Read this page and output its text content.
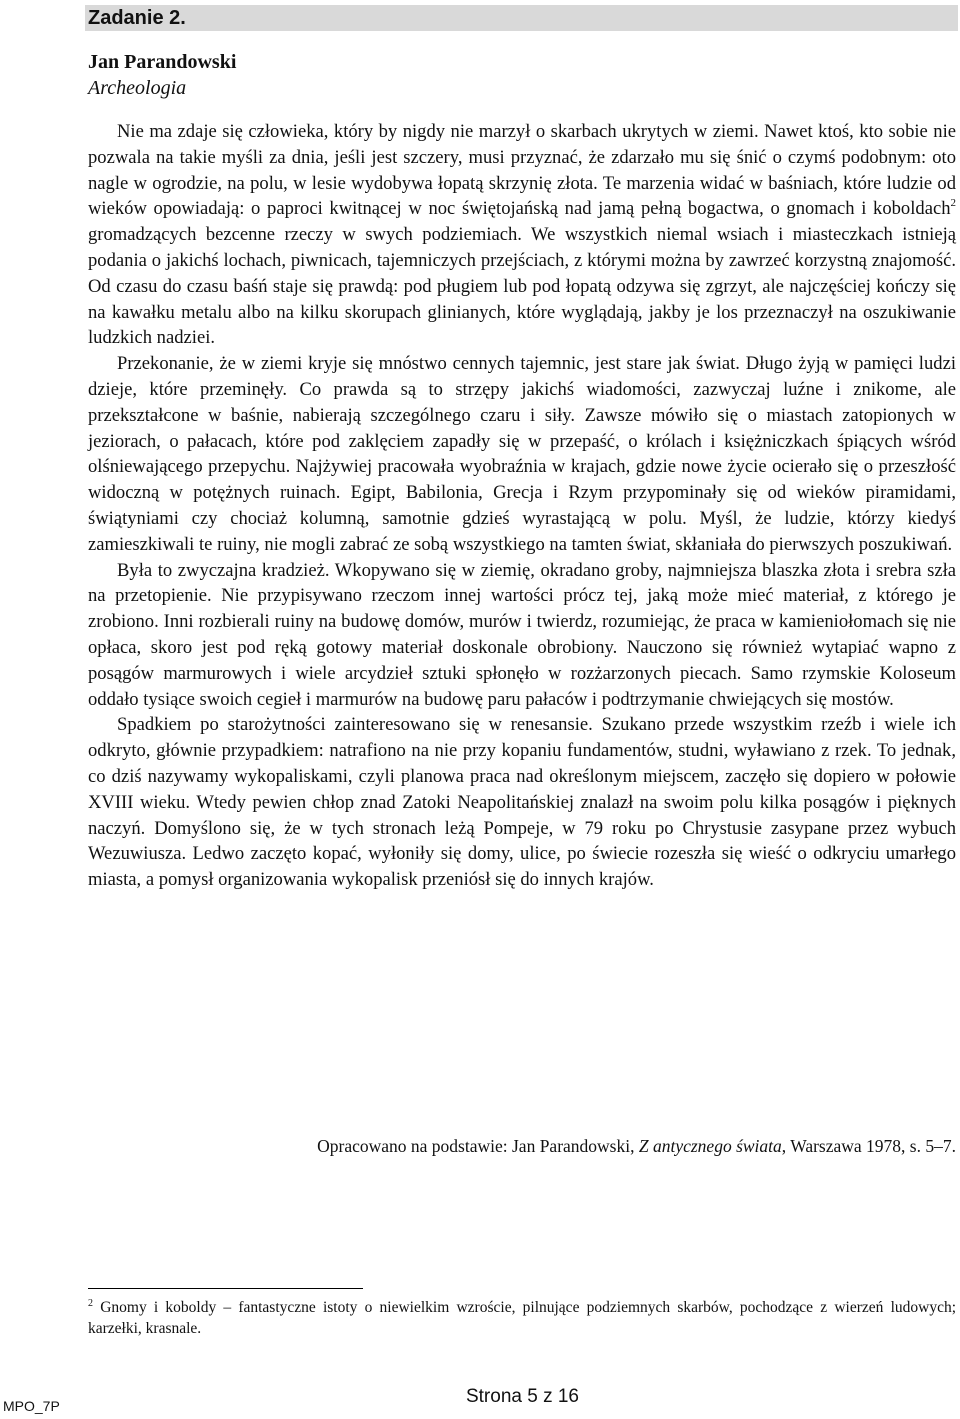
Zadanie 2.
Jan Parandowski
Archeologia

Nie ma zdaje się człowieka, który by nigdy nie marzył o skarbach ukrytych w ziemi. Nawet ktoś, kto sobie nie pozwala na takie myśli za dnia, jeśli jest szczery, musi przyznać, że zdarzało mu się śnić o czymś podobnym: oto nagle w ogrodzie, na polu, w lesie wydobywa łopatą skrzynię złota. Te marzenia widać w baśniach, które ludzie od wieków opowiadają: o paproci kwitnącej w noc świętojańską nad jamą pełną bogactwa, o gnomach i koboldach$^2$ gromadzących bezcenne rzeczy w swych podziemiach. We wszystkich niemal wsiach i miasteczkach istnieją podania o jakichś lochach, piwnicach, tajemniczych przejściach, z którymi można by zawrzeć korzystną znajomość. Od czasu do czasu baśń staje się prawdą: pod pługiem lub pod łopatą odzywa się zgrzyt, ale najczęściej kończy się na kawałku metalu albo na kilku skorupach glinianych, które wyglądają, jakby je los przeznaczył na oszukiwanie ludzkich nadziei.

Przekonanie, że w ziemi kryje się mnóstwo cennych tajemnic, jest stare jak świat. Długo żyją w pamięci ludzi dzieje, które przeminęły. Co prawda są to strzępy jakichś wiadomości, zazwyczaj luźne i znikome, ale przekształcone w baśnie, nabierają szczególnego czaru i siły. Zawsze mówiło się o miastach zatopionych w jeziorach, o pałacach, które pod zaklęciem zapadły się w przepaść, o królach i księżniczkach śpiących wśród olśniewającego przepychu. Najżywiej pracowała wyobraźnia w krajach, gdzie nowe życie ocierało się o przeszłość widoczną w potężnych ruinach. Egipt, Babilonia, Grecja i Rzym przypominały się od wieków piramidami, świątyniami czy chociaż kolumną, samotnie gdzieś wyrastającą w polu. Myśl, że ludzie, którzy kiedyś zamieszkiwali te ruiny, nie mogli zabrać ze sobą wszystkiego na tamten świat, skłaniała do pierwszych poszukiwań.

Była to zwyczajna kradzież. Wkopywano się w ziemię, okradano groby, najmniejsza blaszka złota i srebra szła na przetopienie. Nie przypisywano rzeczom innej wartości prócz tej, jaką może mieć materiał, z którego je zrobiono. Inni rozbierali ruiny na budowę domów, murów i twierdz, rozumiejąc, że praca w kamieniołomach się nie opłaca, skoro jest pod ręką gotowy materiał doskonale obrobiony. Nauczono się również wytapiać wapno z posągów marmurowych i wiele arcydzieł sztuki spłonęło w rozżarzonych piecach. Samo rzymskie Koloseum oddało tysiące swoich cegieł i marmurów na budowę paru pałaców i podtrzymanie chwiejących się mostów.

Spadkiem po starożytności zainteresowano się w renesansie. Szukano przede wszystkim rzeźb i wiele ich odkryto, głównie przypadkiem: natrafiono na nie przy kopaniu fundamentów, studni, wyławiano z rzek. To jednak, co dziś nazywamy wykopaliskami, czyli planowa praca nad określonym miejscem, zaczęło się dopiero w połowie XVIII wieku. Wtedy pewien chłop znad Zatoki Neapolitańskiej znalazł na swoim polu kilka posągów i pięknych naczyń. Domyślono się, że w tych stronach leżą Pompeje, w 79 roku po Chrystusie zasypane przez wybuch Wezuwiusza. Ledwo zaczęto kopać, wyłoniły się domy, ulice, po świecie rozeszła się wieść o odkryciu umarłego miasta, a pomysł organizowania wykopalisk przeniósł się do innych krajów.

Opracowano na podstawie: Jan Parandowski, Z antycznego świata, Warszawa 1978, s. 5–7.
$^2$ Gnomy i koboldy – fantastyczne istoty o niewielkim wzroście, pilnujące podziemnych skarbów, pochodzące z wierzeń ludowych; karzełki, krasnale.
MPO_7P	Strona 5 z 16
